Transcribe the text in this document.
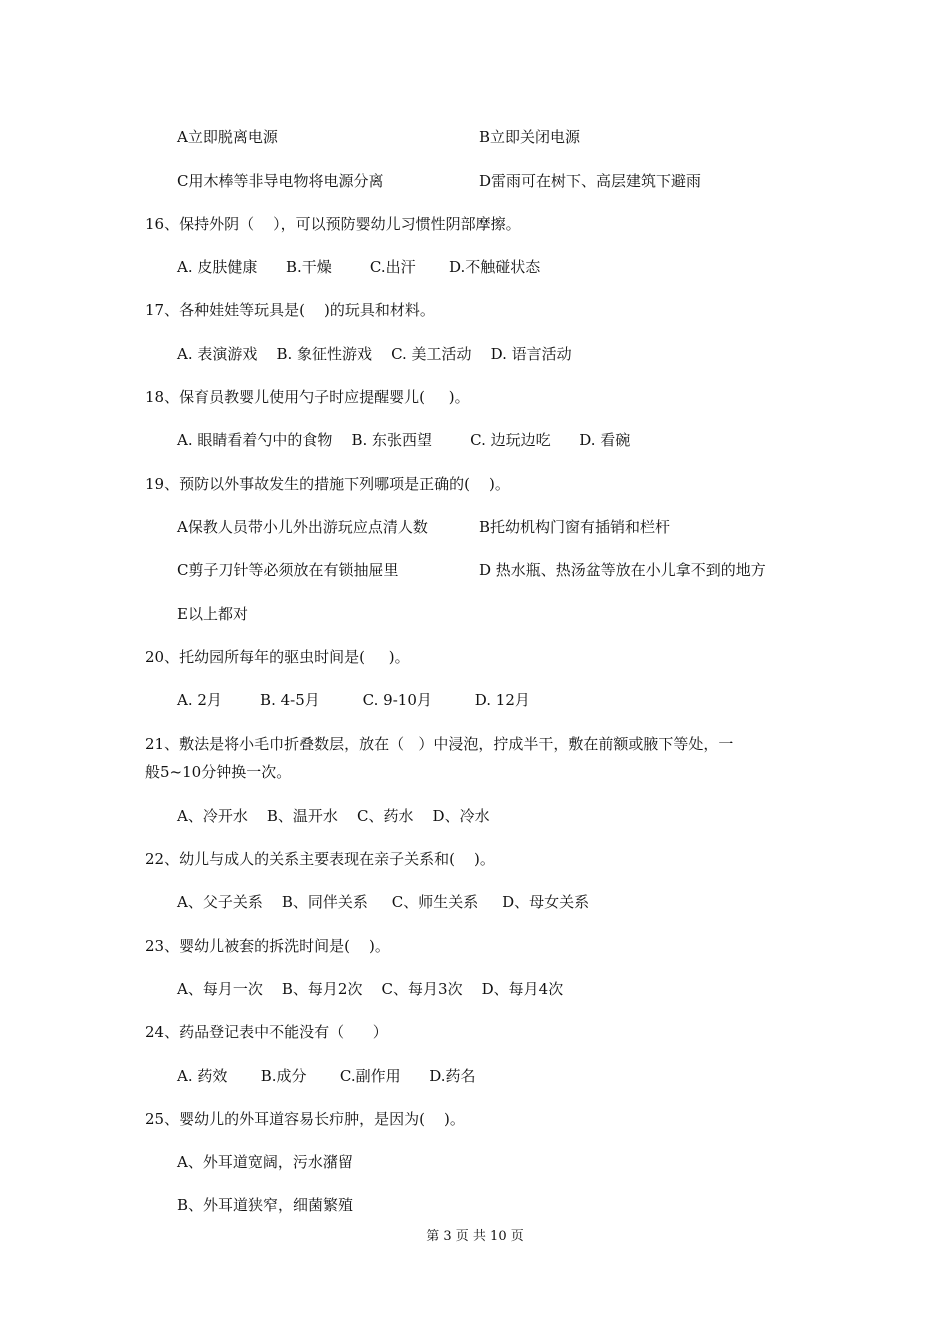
A立即脱离电源	B立即关闭电源
C用木棒等非导电物将电源分离	D雷雨可在树下、高层建筑下避雨
16、保持外阴（    ），可以预防婴幼儿习惯性阴部摩擦。
A. 皮肤健康      B.干燥        C.出汗       D.不触碰状态
17、各种娃娃等玩具是(    )的玩具和材料。
A. 表演游戏    B. 象征性游戏    C. 美工活动    D. 语言活动
18、保育员教婴儿使用勺子时应提醒婴儿(     )。
A. 眼睛看着勺中的食物    B. 东张西望        C. 边玩边吃      D. 看碗
19、预防以外事故发生的措施下列哪项是正确的(    )。
A保教人员带小儿外出游玩应点清人数	B托幼机构门窗有插销和栏杆
C剪子刀针等必须放在有锁抽屉里	D 热水瓶、热汤盆等放在小儿拿不到的地方
E以上都对
20、托幼园所每年的驱虫时间是(     )。
A. 2月        B. 4-5月         C. 9-10月         D. 12月
21、敷法是将小毛巾折叠数层，放在（   ）中浸泡，拧成半干，敷在前额或腋下等处，一
般5~10分钟换一次。
A、冷开水    B、温开水    C、药水    D、冷水
22、幼儿与成人的关系主要表现在亲子关系和(    )。
A、父子关系    B、同伴关系     C、师生关系     D、母女关系
23、婴幼儿被套的拆洗时间是(    )。
A、每月一次    B、每月2次    C、每月3次    D、每月4次
24、药品登记表中不能没有（      ）
A. 药效       B.成分       C.副作用      D.药名
25、婴幼儿的外耳道容易长疖肿，是因为(    )。
A、外耳道宽阔，污水潴留
B、外耳道狭窄，细菌繁殖
第 3 页 共 10 页
